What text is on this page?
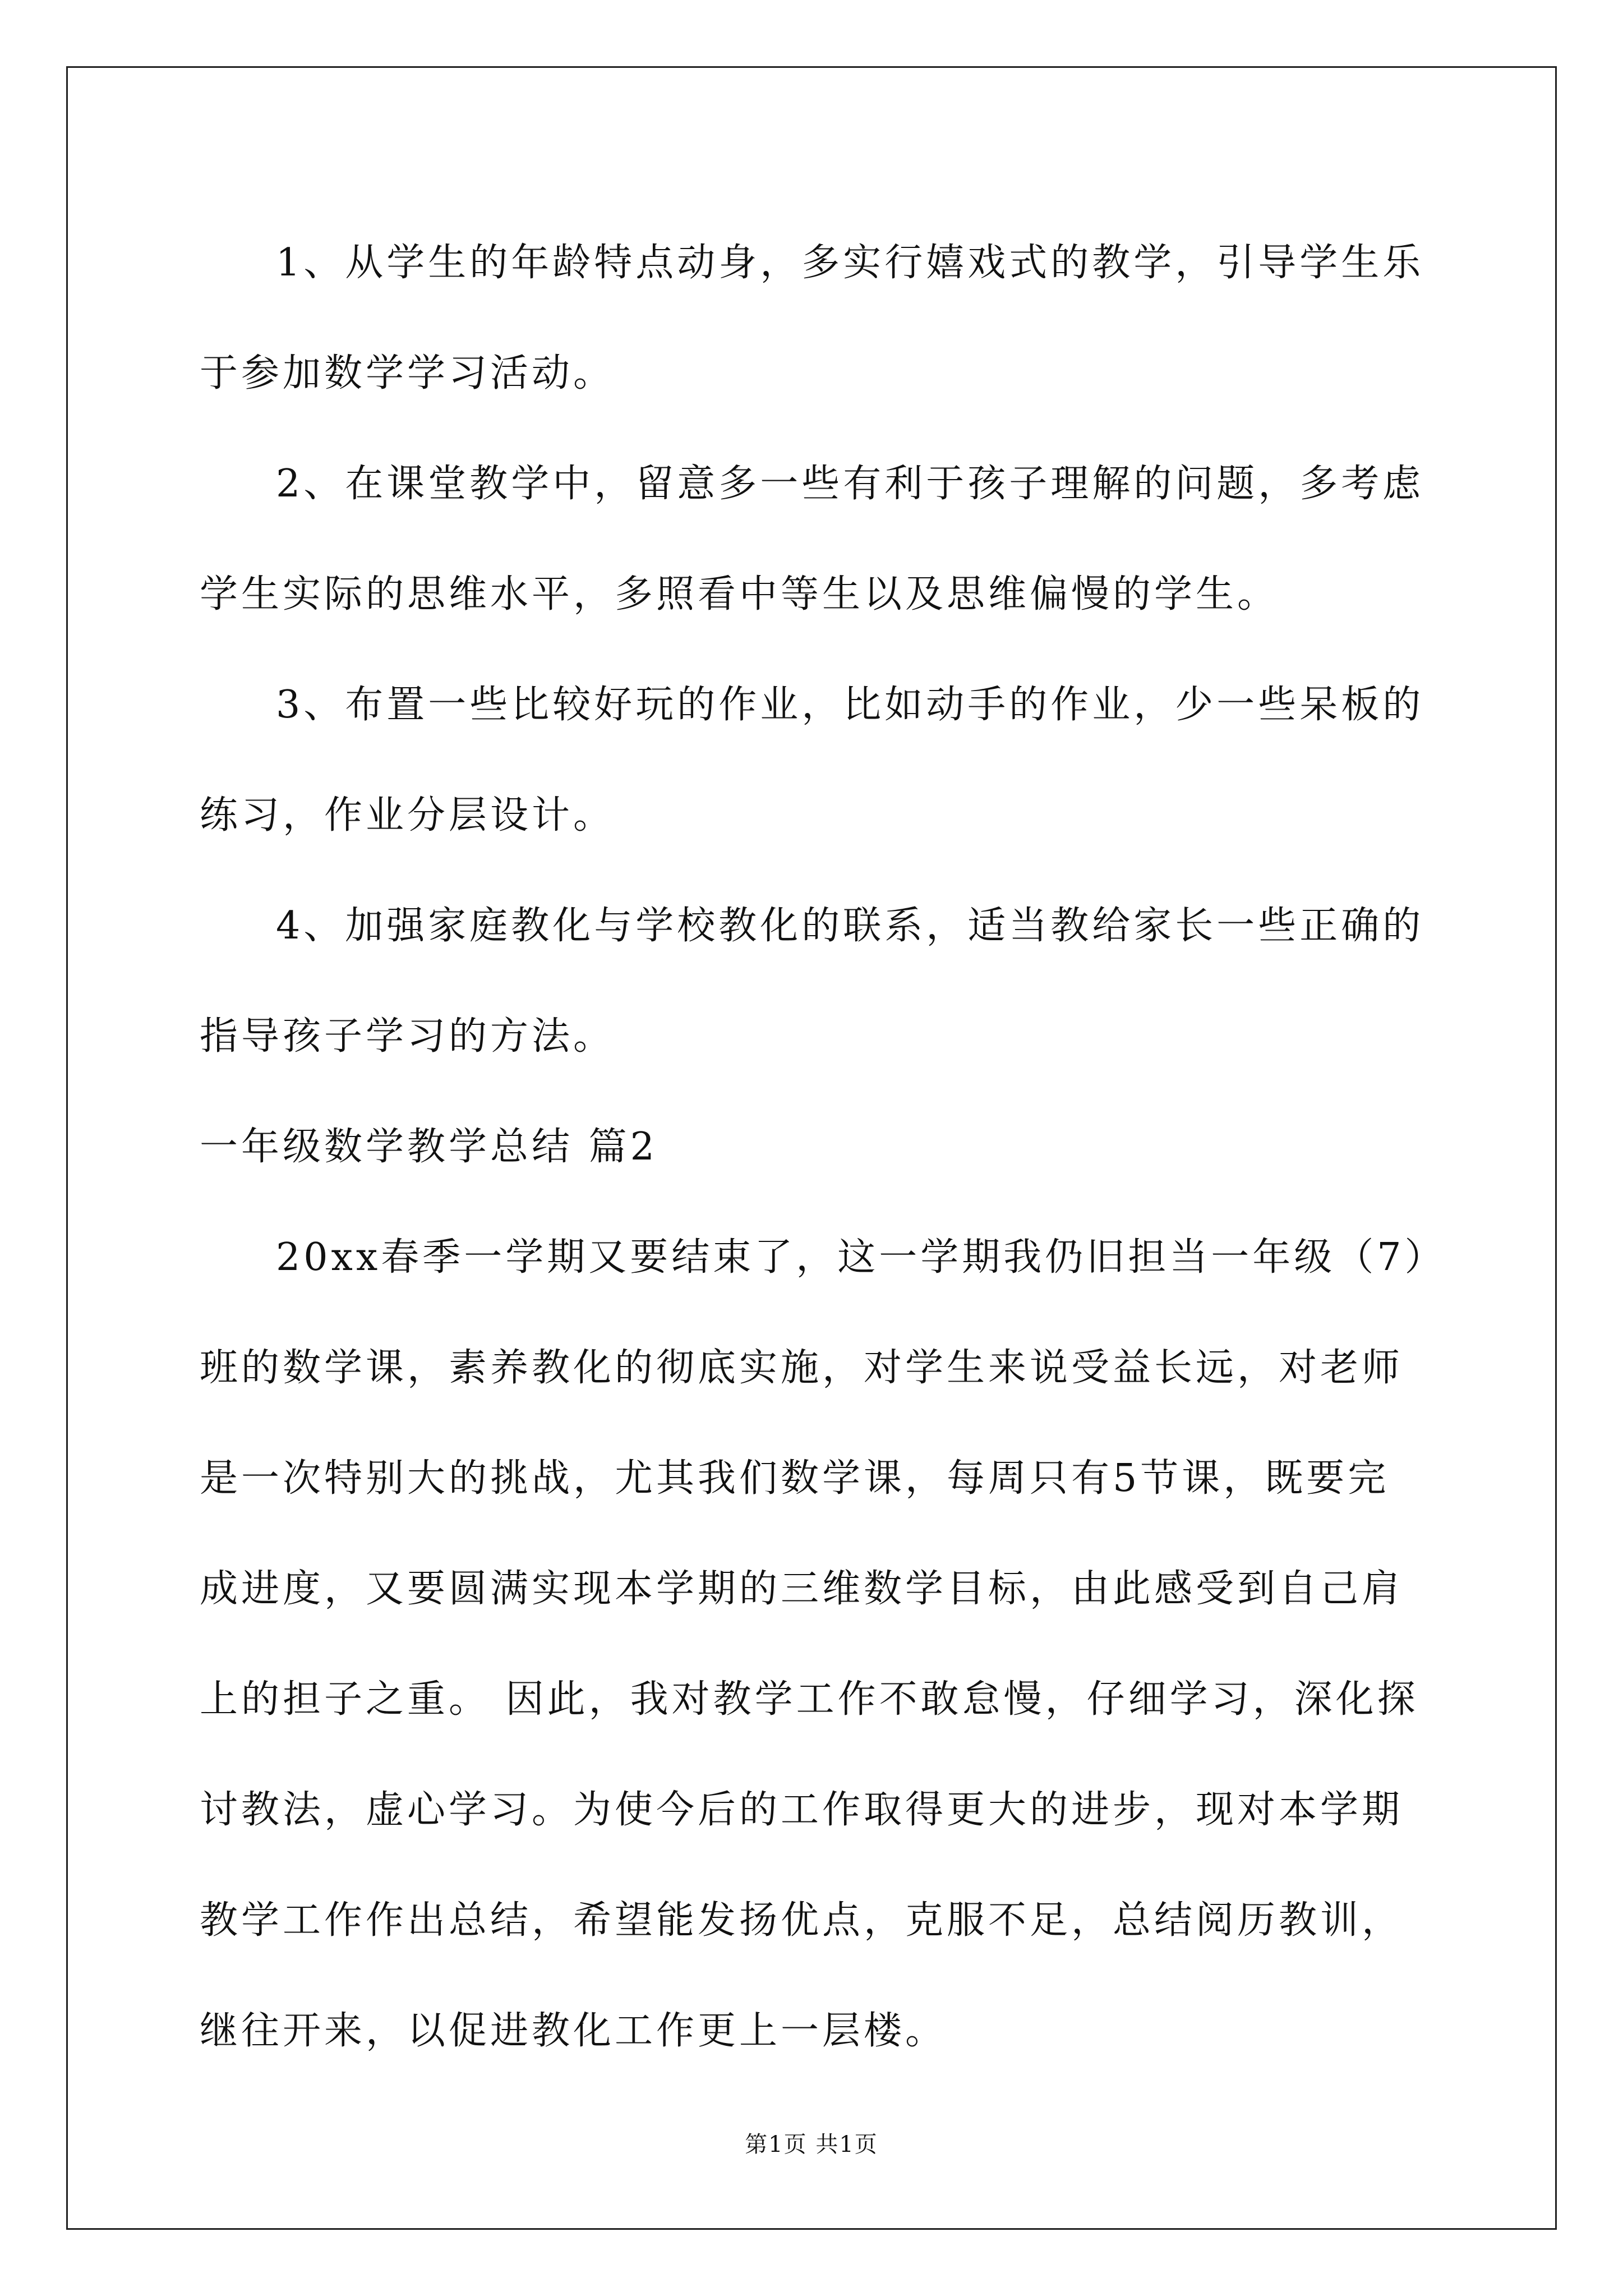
1、从学生的年龄特点动身，多实行嬉戏式的教学，引导学生乐于参加数学学习活动。

2、在课堂教学中，留意多一些有利于孩子理解的问题，多考虑学生实际的思维水平，多照看中等生以及思维偏慢的学生。

3、布置一些比较好玩的作业，比如动手的作业，少一些呆板的练习，作业分层设计。

4、加强家庭教化与学校教化的联系，适当教给家长一些正确的指导孩子学习的方法。

一年级数学教学总结 篇2

20xx春季一学期又要结束了，这一学期我仍旧担当一年级（7）班的数学课，素养教化的彻底实施，对学生来说受益长远，对老师是一次特别大的挑战，尤其我们数学课，每周只有5节课，既要完成进度，又要圆满实现本学期的三维数学目标，由此感受到自己肩上的担子之重。 因此，我对教学工作不敢怠慢，仔细学习，深化探讨教法，虚心学习。为使今后的工作取得更大的进步，现对本学期教学工作作出总结，希望能发扬优点，克服不足，总结阅历教训，继往开来，以促进教化工作更上一层楼。

第1页 共1页
